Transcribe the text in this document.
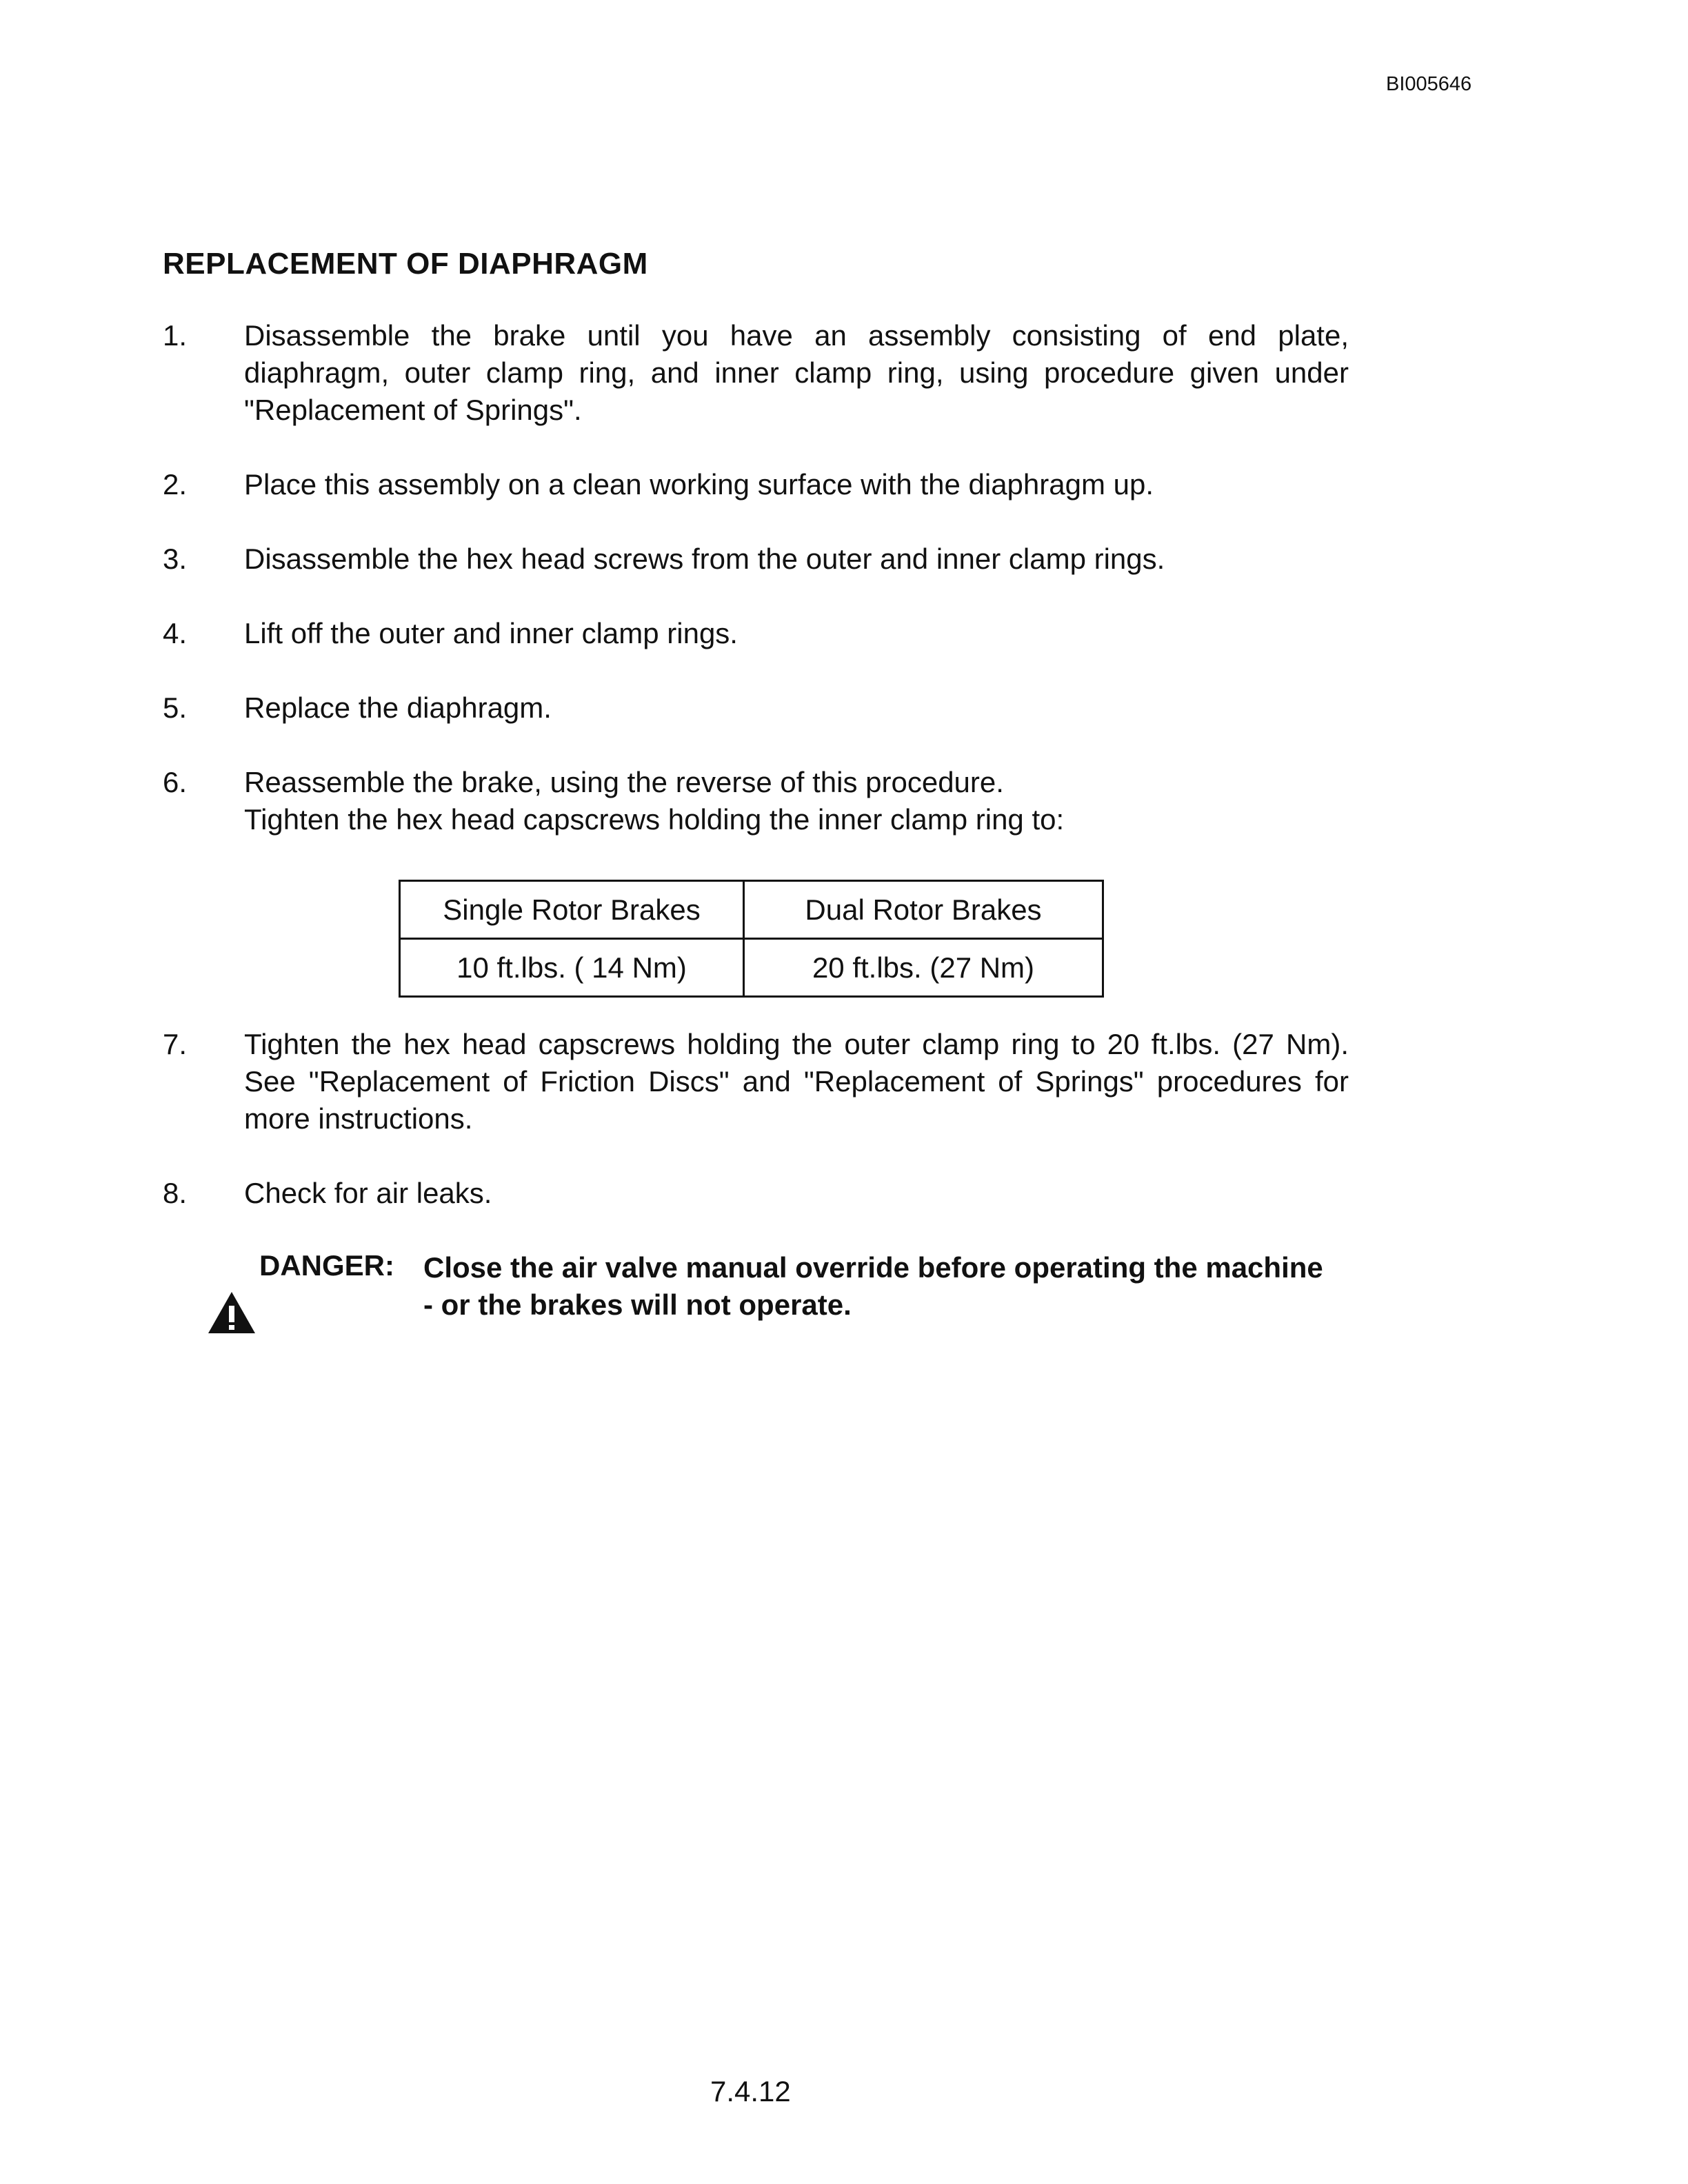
BI005646
REPLACEMENT OF DIAPHRAGM
1.	Disassemble the brake until you have an assembly consisting of end plate,
diaphragm, outer clamp ring, and inner clamp ring, using procedure given under
"Replacement of Springs".
2.	Place this assembly on a clean working surface with the diaphragm up.
3.	Disassemble the hex head screws from the outer and inner clamp rings.
4.	Lift off the outer and inner clamp rings.
5.	Replace the diaphragm.
6.	Reassemble the brake, using the reverse of this procedure.
Tighten the hex head capscrews holding the inner clamp ring to:
7.	Tighten the hex head capscrews holding the outer clamp ring to 20 ft.lbs. (27 Nm).
See "Replacement of Friction Discs" and "Replacement of Springs" procedures for
more instructions.
8.	Check for air leaks.
Single Rotor Brakes	Dual Rotor Brakes
10 ft.lbs. ( 14 Nm)	20 ft.lbs. (27 Nm)
DANGER: Close the air valve manual override before operating the machine
- or the brakes will not operate.
7.4.12
